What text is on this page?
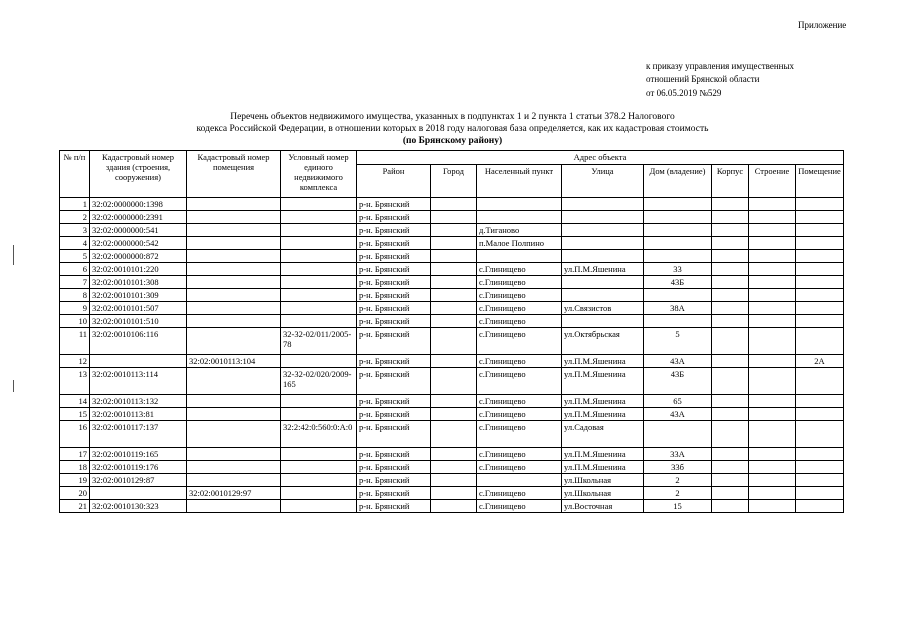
Приложение
к приказу управления имущественных
отношений Брянской области
от 06.05.2019 №529
Перечень объектов недвижимого имущества, указанных в подпунктах 1 и 2 пункта 1 статьи 378.2 Налогового
кодекса Российской Федерации, в отношении которых в 2018 году налоговая база определяется, как их кадастровая стоимость
(по Брянскому району)
№ п/п	Кадастровый номер здания (строения, сооружения)	Кадастровый номер помещения	Условный номер единого недвижимого комплекса	Адрес объекта							
				Район	Город	Населенный пункт	Улица	Дом (владение)	Корпус	Строение	Помещение
1	32:02:0000000:1398			р-н. Брянский							
2	32:02:0000000:2391			р-н. Брянский							
3	32:02:0000000:541			р-н. Брянский		д.Тиганово					
4	32:02:0000000:542			р-н. Брянский		п.Малое Полпино					
5	32:02:0000000:872			р-н. Брянский							
6	32:02:0010101:220			р-н. Брянский		с.Глинищево	ул.П.М.Яшенина	33			
7	32:02:0010101:308			р-н. Брянский		с.Глинищево		43Б			
8	32:02:0010101:309			р-н. Брянский		с.Глинищево					
9	32:02:0010101:507			р-н. Брянский		с.Глинищево	ул.Связистов	38А			
10	32:02:0010101:510			р-н. Брянский		с.Глинищево					
11	32:02:0010106:116		32-32-02/011/2005-78	р-н. Брянский		с.Глинищево	ул.Октябрьская	5			
12		32:02:0010113:104		р-н. Брянский		с.Глинищево	ул.П.М.Яшенина	43А			2А
13	32:02:0010113:114		32-32-02/020/2009-165	р-н. Брянский		с.Глинищево	ул.П.М.Яшенина	43Б			
14	32:02:0010113:132			р-н. Брянский		с.Глинищево	ул.П.М.Яшенина	65			
15	32:02:0010113:81			р-н. Брянский		с.Глинищево	ул.П.М.Яшенина	43А			
16	32:02:0010117:137		32:2:42:0:560:0:А:0	р-н. Брянский		с.Глинищево	ул.Садовая				
17	32:02:0010119:165			р-н. Брянский		с.Глинищево	ул.П.М.Яшенина	33А			
18	32:02:0010119:176			р-н. Брянский		с.Глинищево	ул.П.М.Яшенина	33б			
19	32:02:0010129:87			р-н. Брянский			ул.Школьная	2			
20		32:02:0010129:97		р-н. Брянский		с.Глинищево	ул.Школьная	2			
21	32:02:0010130:323			р-н. Брянский		с.Глинищево	ул.Восточная	15			
